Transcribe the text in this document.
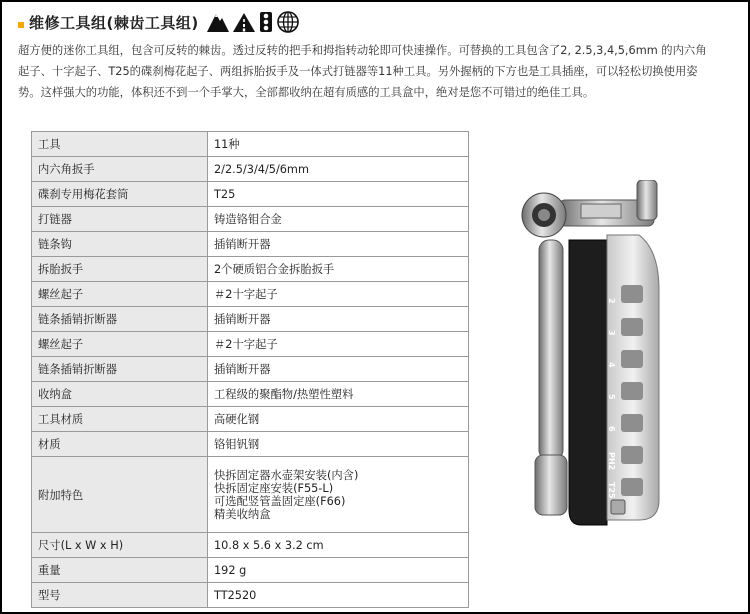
维修工具组(棘齿工具组)
超方便的迷你工具组，包含可反转的棘齿。透过反转的把手和拇指转动轮即可快速操作。可替换的工具包含了2, 2.5,3,4,5,6mm 的内六角起子、十字起子、T25的碟刹梅花起子、两组拆胎扳手及一体式打链器等11种工具。另外握柄的下方也是工具插座，可以轻松切换使用姿势。这样强大的功能，体积还不到一个手掌大，全部都收纳在超有质感的工具盒中，绝对是您不可错过的绝佳工具。
工具	11种
内六角扳手	2/2.5/3/4/5/6mm
碟刹专用梅花套筒	T25
打链器	铸造铬钼合金
链条钩	插销断开器
拆胎扳手	2个硬质铝合金拆胎扳手
螺丝起子	＃2十字起子
链条插销折断器	插销断开器
螺丝起子	＃2十字起子
链条插销折断器	插销断开器
收纳盒	工程级的聚酯物/热塑性塑料
工具材质	高硬化钢
材质	铬钼钒钢
附加特色	快拆固定器水壶架安装(内含)
快拆固定座安装(F55-L)
可选配竖管盖固定座(F66)
精美收纳盒

尺寸(L x W x H)	10.8 x 5.6 x 3.2 cm
重量	192 g
型号	TT2520
2
3
4
5
6
PH2
T25
